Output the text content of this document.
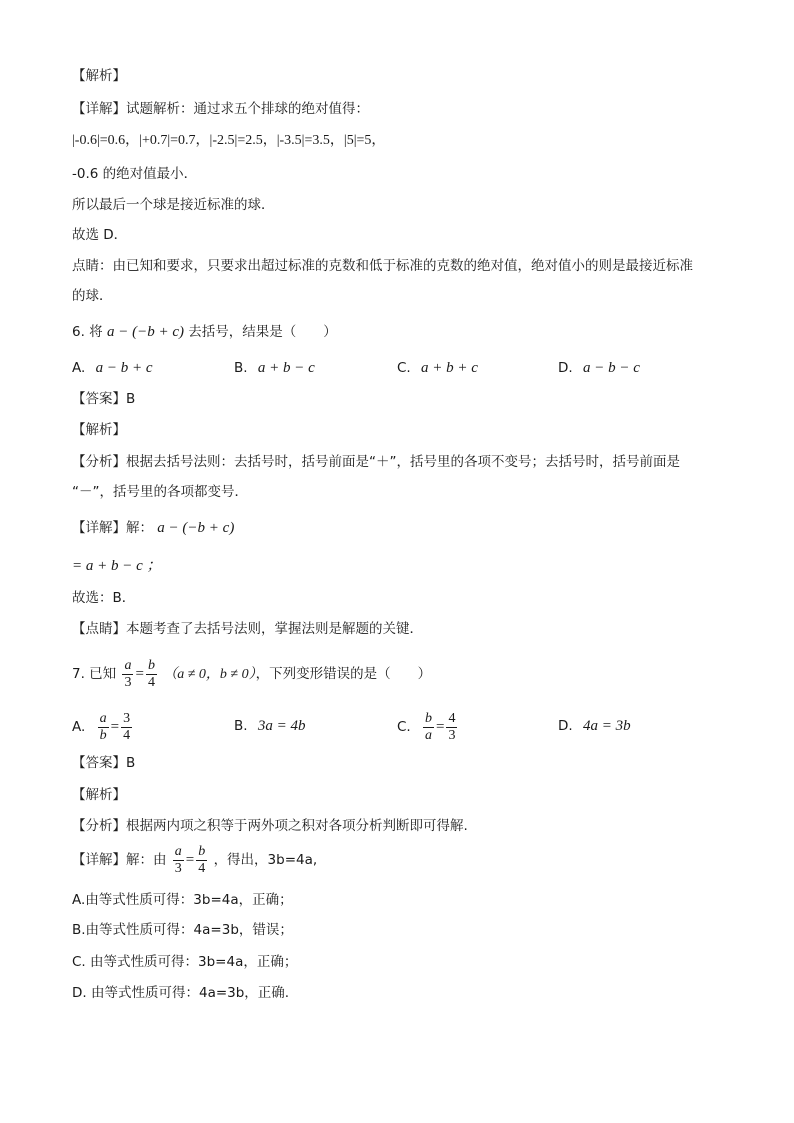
【解析】
【详解】试题解析：通过求五个排球的绝对值得：
|-0.6|=0.6，|+0.7|=0.7，|-2.5|=2.5，|-3.5|=3.5，|5|=5，
-0.6 的绝对值最小．
所以最后一个球是接近标准的球．
故选 D．
点睛：由已知和要求，只要求出超过标准的克数和低于标准的克数的绝对值，绝对值小的则是最接近标准
的球．
6. 将 a − (−b + c) 去括号，结果是（　　）
A. a − b + c	B. a + b − c	C. a + b + c	D. a − b − c
【答案】B
【解析】
【分析】根据去括号法则：去括号时，括号前面是“＋”，括号里的各项不变号；去括号时，括号前面是
“－”，括号里的各项都变号．
【详解】解： a − (−b + c)
= a + b − c ；
故选：B．
【点睛】本题考查了去括号法则，掌握法则是解题的关键．
7. 已知 $\frac{a}{3} = \frac{b}{4} (a \ne 0$，b ≠ 0），下列变形错误的是（　　）
A. $\frac{a}{b} = \frac{3}{4}$	B. 3a = 4b	C. $\frac{b}{a} = \frac{4}{3}$	D. 4a = 3b
【答案】B
【解析】
【分析】根据两内项之积等于两外项之积对各项分析判断即可得解.
【详解】解：由 $\frac{a}{3} = \frac{b}{4}$ ，得出，3b=4a,
A.由等式性质可得：3b=4a，正确；
B.由等式性质可得：4a=3b，错误；
C. 由等式性质可得：3b=4a，正确；
D. 由等式性质可得：4a=3b，正确.
